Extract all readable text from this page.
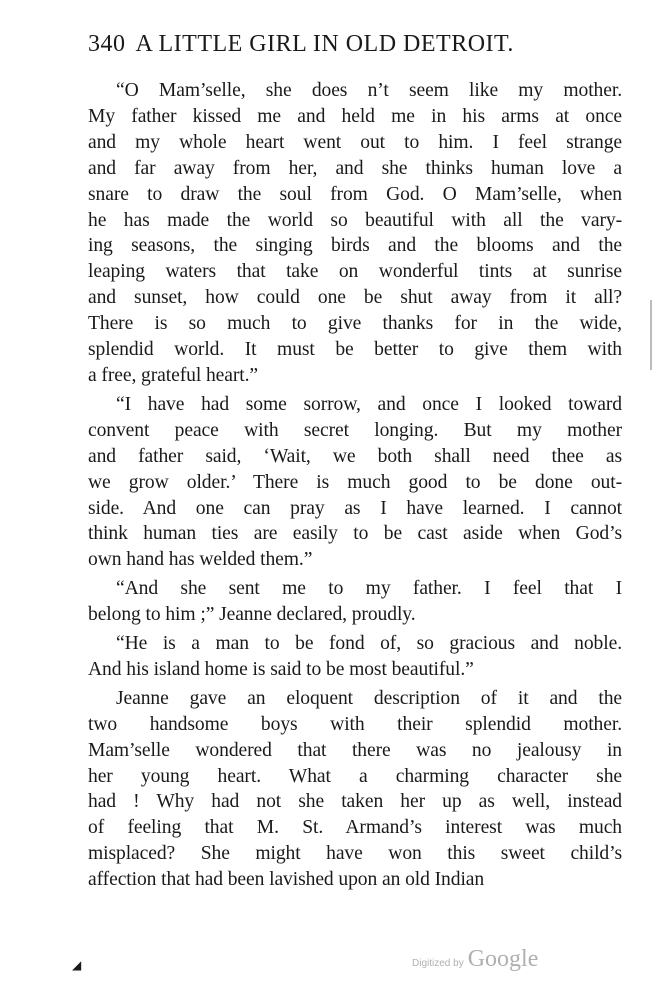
340 A LITTLE GIRL IN OLD DETROIT.
“O Mam’selle, she does n’t seem like my mother.
My father kissed me and held me in his arms at once
and my whole heart went out to him. I feel strange
and far away from her, and she thinks human love a
snare to draw the soul from God. O Mam’selle, when
he has made the world so beautiful with all the vary-
ing seasons, the singing birds and the blooms and the
leaping waters that take on wonderful tints at sunrise
and sunset, how could one be shut away from it all?
There is so much to give thanks for in the wide,
splendid world. It must be better to give them with
a free, grateful heart.”
“I have had some sorrow, and once I looked toward
convent peace with secret longing. But my mother
and father said, ‘Wait, we both shall need thee as
we grow older.’ There is much good to be done out-
side. And one can pray as I have learned. I cannot
think human ties are easily to be cast aside when God’s
own hand has welded them.”
“And she sent me to my father. I feel that I
belong to him ;” Jeanne declared, proudly.
“He is a man to be fond of, so gracious and noble.
And his island home is said to be most beautiful.”
Jeanne gave an eloquent description of it and the
two handsome boys with their splendid mother.
Mam’selle wondered that there was no jealousy in
her young heart. What a charming character she
had ! Why had not she taken her up as well, instead
of feeling that M. St. Armand’s interest was much
misplaced? She might have won this sweet child’s
affection that had been lavished upon an old Indian
◢	Digitized by Google
